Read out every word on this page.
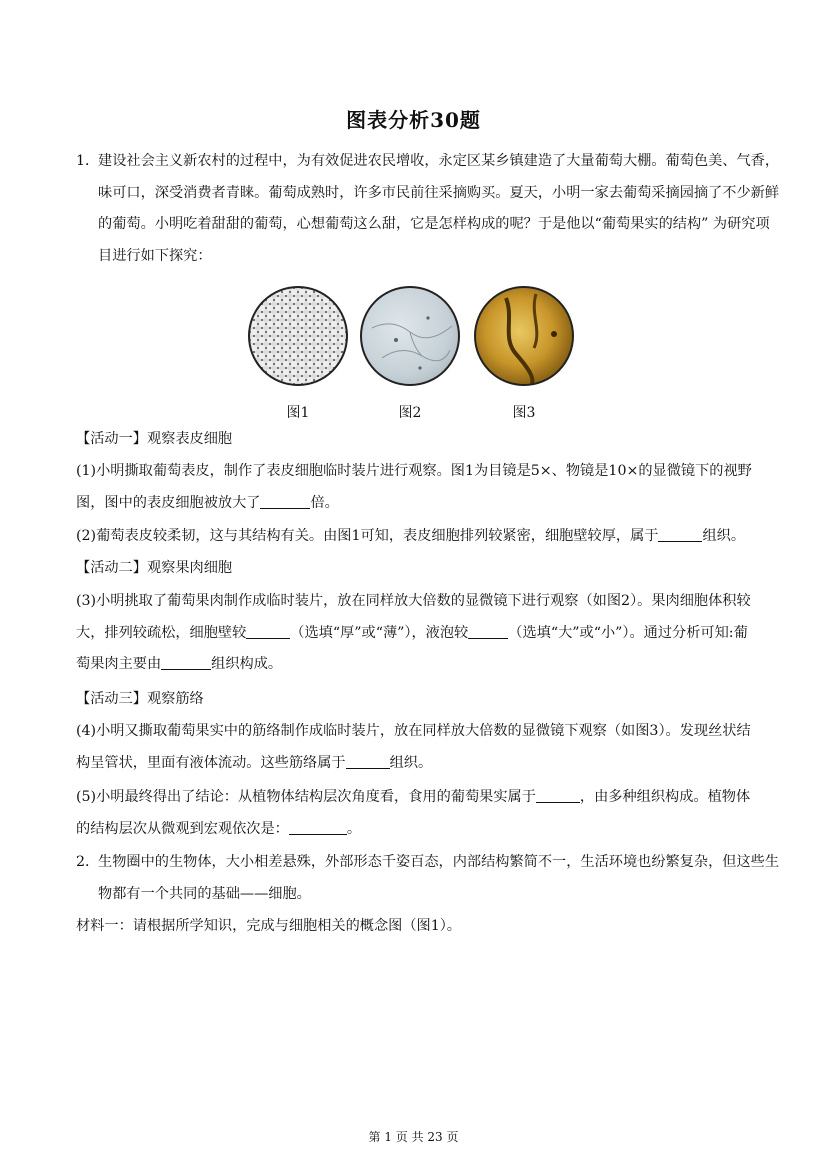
图表分析30题
1．建设社会主义新农村的过程中，为有效促进农民增收，永定区某乡镇建造了大量葡萄大棚。葡萄色美、气香，味可口，深受消费者青睐。葡萄成熟时，许多市民前往采摘购买。夏天，小明一家去葡萄采摘园摘了不少新鲜的葡萄。小明吃着甜甜的葡萄，心想葡萄这么甜，它是怎样构成的呢？于是他以“葡萄果实的结构” 为研究项目进行如下探究：
图1	图2	图3
【活动一】观察表皮细胞
(1)小明撕取葡萄表皮，制作了表皮细胞临时装片进行观察。图1为目镜是5×、物镜是10×的显微镜下的视野图，图中的表皮细胞被放大了	倍。
(2)葡萄表皮较柔韧，这与其结构有关。由图1可知，表皮细胞排列较紧密，细胞壁较厚，属于	组织。
【活动二】观察果肉细胞
(3)小明挑取了葡萄果肉制作成临时装片，放在同样放大倍数的显微镜下进行观察（如图2）。果肉细胞体积较大，排列较疏松，细胞壁较	（选填“厚”或“薄”），液泡较	（选填“大”或“小”）。通过分析可知:葡萄果肉主要由	组织构成。
【活动三】观察筋络
(4)小明又撕取葡萄果实中的筋络制作成临时装片，放在同样放大倍数的显微镜下观察（如图3）。发现丝状结构呈管状，里面有液体流动。这些筋络属于	组织。
(5)小明最终得出了结论：从植物体结构层次角度看，食用的葡萄果实属于	，由多种组织构成。植物体的结构层次从微观到宏观依次是：	。
2．生物圈中的生物体，大小相差悬殊，外部形态千姿百态，内部结构繁简不一，生活环境也纷繁复杂，但这些生物都有一个共同的基础——细胞。
材料一：请根据所学知识，完成与细胞相关的概念图（图1）。
第 1 页 共 23 页
